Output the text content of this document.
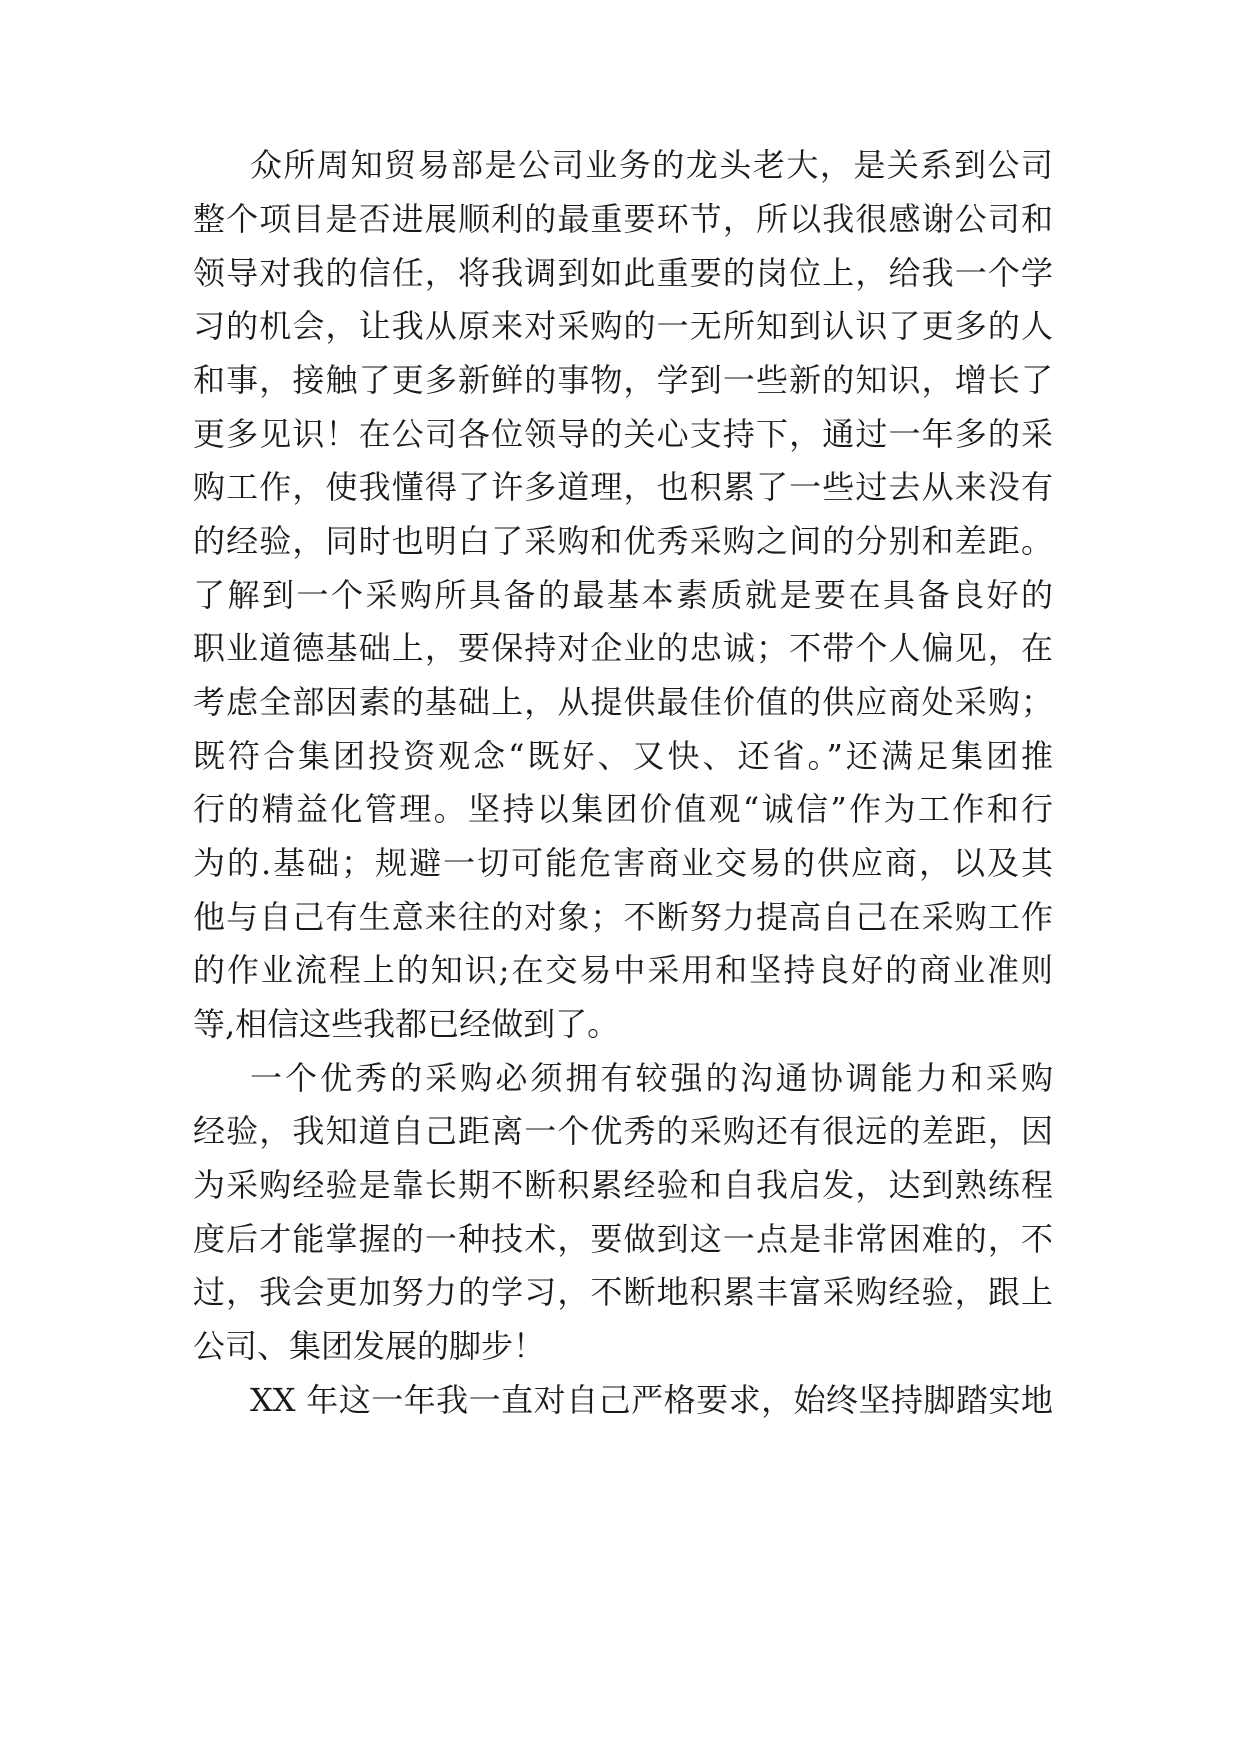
众所周知贸易部是公司业务的龙头老大，是关系到公司
整个项目是否进展顺利的最重要环节，所以我很感谢公司和
领导对我的信任，将我调到如此重要的岗位上，给我一个学
习的机会，让我从原来对采购的一无所知到认识了更多的人
和事，接触了更多新鲜的事物，学到一些新的知识，增长了
更多见识！在公司各位领导的关心支持下，通过一年多的采
购工作，使我懂得了许多道理，也积累了一些过去从来没有
的经验，同时也明白了采购和优秀采购之间的分别和差距。
了解到一个采购所具备的最基本素质就是要在具备良好的
职业道德基础上，要保持对企业的忠诚；不带个人偏见，在
考虑全部因素的基础上，从提供最佳价值的供应商处采购；
既符合集团投资观念“既好、又快、还省。”还满足集团推
行的精益化管理。坚持以集团价值观“诚信”作为工作和行
为的.基础；规避一切可能危害商业交易的供应商，以及其
他与自己有生意来往的对象；不断努力提高自己在采购工作
的作业流程上的知识;在交易中采用和坚持良好的商业准则
等,相信这些我都已经做到了。
一个优秀的采购必须拥有较强的沟通协调能力和采购
经验，我知道自己距离一个优秀的采购还有很远的差距，因
为采购经验是靠长期不断积累经验和自我启发，达到熟练程
度后才能掌握的一种技术，要做到这一点是非常困难的，不
过，我会更加努力的学习，不断地积累丰富采购经验，跟上
公司、集团发展的脚步！
XX 年这一年我一直对自己严格要求，始终坚持脚踏实地
